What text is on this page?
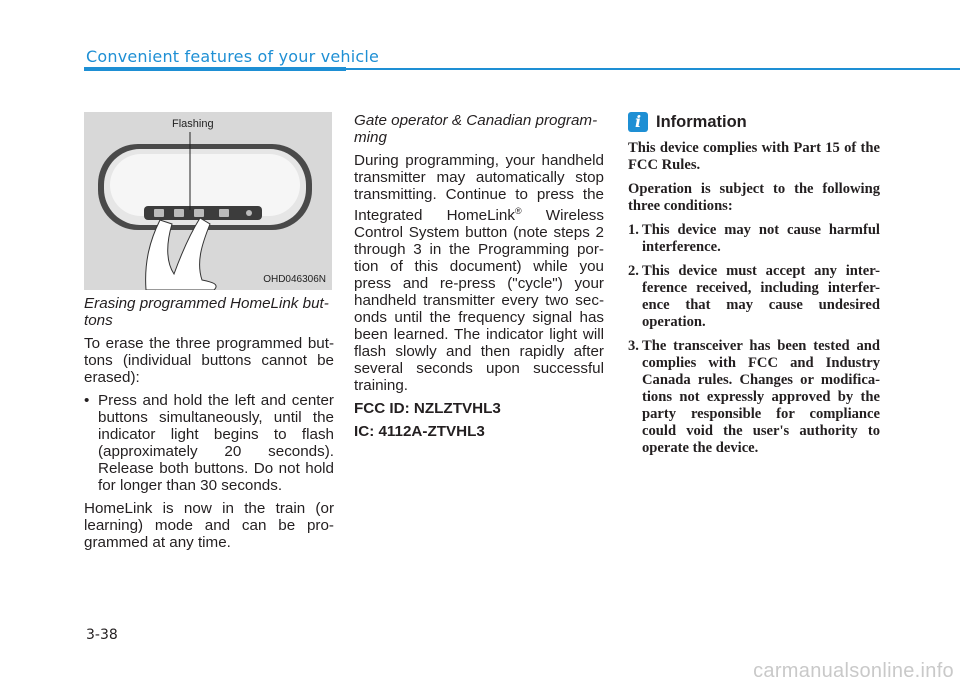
Convenient features of your vehicle
Flashing
OHD046306N
Erasing programmed HomeLink but-tons

To erase the three programmed but-tons (individual buttons cannot be erased):

• Press and hold the left and center buttons simultaneously, until the indicator light begins to flash (approximately 20 seconds). Release both buttons. Do not hold for longer than 30 seconds.

HomeLink is now in the train (or learning) mode and can be pro-grammed at any time.

Gate operator & Canadian program-ming

During programming, your handheld transmitter may automatically stop transmitting. Continue to press the Integrated HomeLink® Wireless Control System button (note steps 2 through 3 in the Programming por-tion of this document) while you press and re-press ("cycle") your handheld transmitter every two sec-onds until the frequency signal has been learned. The indicator light will flash slowly and then rapidly after several seconds upon successful training.

FCC ID: NZLZTVHL3
IC: 4112A-ZTVHL3
i Information

This device complies with Part 15 of the FCC Rules.

Operation is subject to the following three conditions:

1. This device may not cause harmful interference.
2. This device must accept any inter-ference received, including interfer-ence that may cause undesired operation.
3. The transceiver has been tested and complies with FCC and Industry Canada rules. Changes or modifica-tions not expressly approved by the party responsible for compliance could void the user's authority to operate the device.
3-38
carmanualsonline.info
